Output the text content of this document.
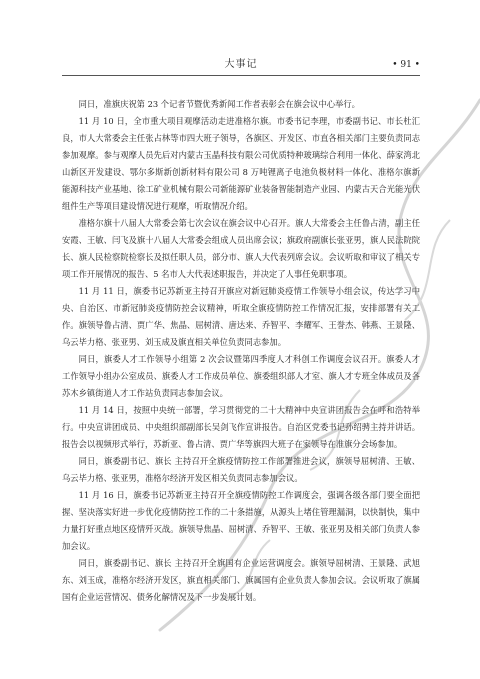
大事记	• 91 •

同日，准旗庆祝第 23 个记者节暨优秀新闻工作者表彰会在旗会议中心举行。

11 月 10 日，全市重大项目观摩活动走进准格尔旗。市委书记李理，市委副书记、市长杜汇良，市人大常委会主任张占林等市四大班子领导，各旗区、开发区、市直各相关部门主要负责同志参加观摩。参与观摩人员先后对内蒙古玉晶科技有限公司优质特种玻璃综合利用一体化、薛家湾北山新区开发建设、鄂尔多斯新创新材料有限公司 8 万吨锂离子电池负极材料一体化、准格尔旗新能源科技产业基地、徐工矿业机械有限公司新能源矿业装备智能制造产业园、内蒙古天合光能光伏组件生产等项目建设情况进行观摩，听取情况介绍。

准格尔旗十八届人大常委会第七次会议在旗会议中心召开。旗人大常委会主任鲁占清，副主任安霞、王敏、闫飞及旗十八届人大常委会组成人员出席会议；旗政府副旗长张亚男，旗人民法院院长、旗人民检察院检察长及拟任职人员，部分市、旗人大代表列席会议。会议听取和审议了相关专项工作开展情况的报告、5 名市人大代表述职报告，并决定了人事任免职事项。

11 月 11 日，旗委书记苏新亚主持召开旗应对新冠肺炎疫情工作领导小组会议，传达学习中央、自治区、市新冠肺炎疫情防控会议精神，听取全旗疫情防控工作情况汇报，安排部署有关工作。旗领导鲁占清、贾广华、焦晶、屈树清、唐达来、乔智平、李耀军、王誉杰、韩燕、王景隆、乌云毕力格、张亚男、刘玉成及旗直相关单位负责同志参加。

同日，旗委人才工作领导小组第 2 次会议暨第四季度人才科创工作调度会议召开。旗委人才工作领导小组办公室成员、旗委人才工作成员单位、旗委组织部人才室、旗人才专班全体成员及各苏木乡镇街道人才工作站负责同志参加会议。

11 月 14 日，按照中央统一部署，学习贯彻党的二十大精神中央宣讲团报告会在呼和浩特举行。中央宣讲团成员、中央组织部副部长吴剑飞作宣讲报告。自治区党委书记孙绍骋主持并讲话。报告会以视频形式举行，苏新亚、鲁占清、贾广华等旗四大班子在家领导在准旗分会场参加。

同日，旗委副书记、旗长 主持召开全旗疫情防控工作部署推进会议，旗领导屈树清、王敏、乌云毕力格、张亚男，准格尔经济开发区相关负责同志参加会议。

11 月 16 日，旗委书记苏新亚主持召开全旗疫情防控工作调度会，强调各级各部门要全面把握、坚决落实好进一步优化疫情防控工作的二十条措施，从源头上堵住管理漏洞，以快制快，集中力量打好重点地区疫情歼灭战。旗领导焦晶、屈树清、乔智平、王敏、张亚男及相关部门负责人参加会议。

同日，旗委副书记、旗长 主持召开全旗国有企业运营调度会。旗领导屈树清、王景隆、武旭东、刘玉成，准格尔经济开发区，旗直相关部门、旗属国有企业负责人参加会议。会议听取了旗属国有企业运营情况、债务化解情况及下一步发展计划。
